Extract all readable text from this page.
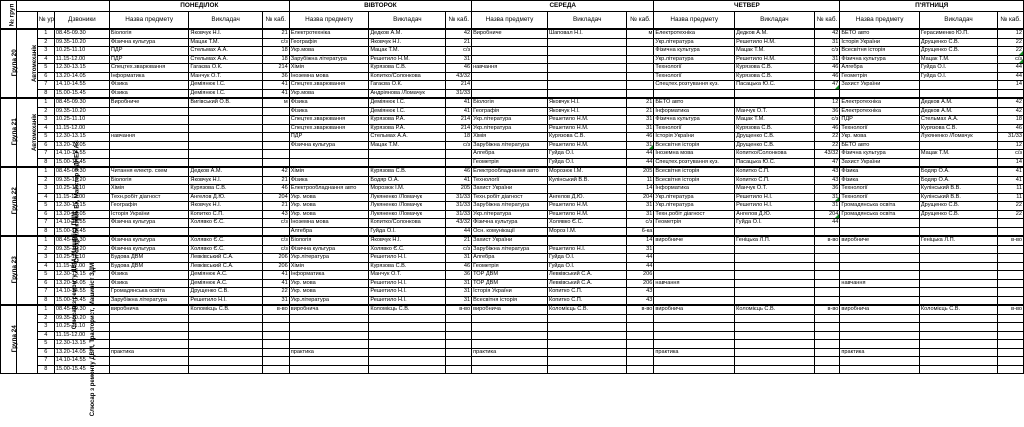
№ груп				ПОНЕДІЛОК			ВІВТОРОК			СЕРЕДА			ЧЕТВЕР			П'ЯТНИЦЯ		
		№ ур	Дзвоники	Назва предмету	Викладач	№ каб.	Назва предмету	Викладач	№ каб.	Назва предмету	Викладач	№ каб.	Назва предмету	Викладач	№ каб.	Назва предмету	Викладач	№ каб.
Група 20	Автомеханік	1	08.45-09.30	Біологія	Яковчук Н.І.	21	Електротехніка	Дедков А.М.	42	Виробниче	Шаповал Н.І.	м	Електротехніка	Дедков А.М.	42	БЕТО авто	Герасименко Ю.П.	12
		2	09.35-10.20	Фізична культура	Мацак Т.М.	с/з	Географія	Яковчук Н.І.	21				Укр.література	Решетило Н.М.	31	Історія України	Друщенко С.В.	22
		3	10.25-11.10	ПДР	Стельмах А.А.	18	Укр.мова	Мацак Т.М.	с/з				Фізична культура	Мацак Т.М.	с/з	Всесвітня історія	Друщенко С.В.	22
		4	11.15-12.00	ПДР	Стельмах А.А.	18	Зарубіжна література	Решетило Н.М.	31				Укр.література	Решетило Н.М.	31	Фізична культура	Мацак Т.М.	с/з
		5	12.30-13.15	Спецтех.зварювання	Гагаєва О.К.	214	Хімія	Курязова С.В.	46	навчання			Технології	Курязова С.В.	46	Алгебра	Гуйда О.І.	44
		6	13.20-14.05	Інформатика	Манчук О.Т.	36	Іноземна мова	Копитко/Солонкова	43/32				Технології	Курязова С.В.	46	Геометрія	Гуйда О.І.	44
		7	14.10-14.55	Фізика	Деміянюк І.С.	41	Спецтех.зварювання	Гагаєва О.К.	214				Спецтех.розтування куз.	Пасацька Ю.С.	47	Захист України		14
		8	15.00-15.45	Фізика	Деміянюк І.С.	41	Укр.мова	Андріянова /Ломачук	31/33									
Група 21	Автомеханік	1	08.45-09.30	Виробниче	Вигівський О.В.	м	Фізика	Деміянюк І.С.	41	Біологія	Яковчук Н.І.	21	БЕТО авто		12	Електротехніка	Дедков А.М.	42
		2	09.35-10.20				Фізика	Деміянюк І.С.	41	Географія	Яковчук Н.І.	21	Інформатика	Манчук О.Т.	36	Електротехніка	Дедков А.М.	42
		3	10.25-11.10				Спецтех.зварювання	Курязова Р.А.	214	Укр.література	Решетило Н.М.	31	Фізична культура	Мацак Т.М.	с/з	ПДР	Стельмах А.А.	18
		4	11.15-12.00				Спецтех.зварювання	Курязова Р.А.	214	Укр.література	Решетило Н.М.	31	Технології	Курязова С.В.	46	Технології	Курязова С.В.	46
		5	12.30-13.15	навчання			ПДР	Стельмах А.А.	18	Хімія	Курязова С.В.	46	Історія України	Друщенко С.В.	22	Укр. мова	Лукяненко /Ломачук	31/33
		6	13.20-14.05				Фізична культура	Мацак Т.М.	с/з	Зарубіжна література	Решетило Н.М.	31	Всесвітня історія	Друщенко С.В.	22	БЕТО авто		12
		7	14.10-14.55							Алгебра	Гуйда О.І.	44	Іноземна мова	Копитко/Солонкова	43/32	Фізична культура	Мацак Т.М.	с/з
		8	15.00-15.45							Геометрія	Гуйда О.І.	44	Спецтех.розтування куз.	Пасацька Ю.С.	47	Захист України		14
Група 22	Слюсар-електрик ЕУ, Майстер з ДНЕУ АЗ	1	08.45-09.30	Читання електр. схем	Дедков А.М.	42	Хімія	Курязова С.В.	46	Електрообладнання авто	Морозюк І.М.	205	Всесвітня історія	Копитко С.П.	43	Фізика	Бодяр О.А.	41
		2	09.35-10.20	Біологія	Яковчук Н.І.	21	Фізика	Бодяр О.А.	41	Технології	Кулінський В.В.	11	Всесвітня історія	Копитко С.П.	43	Фізика	Бодяр О.А.	41
		3	10.25-11.10	Хімія	Курязова С.В.	46	Електрообладнання авто	Морозюк І.М.	205	Захист України		14	Інформатика	Манчук О.Т.	36	Технології	Кулінський В.В.	11
		4	11.15-12.00	Техн.робіт діагност	Ангелов Д.Ю.	204	Укр. мова	Лукяненко /Ломачук	31/33	Техн.робіт діагност	Ангелов Д.Ю.	204	Укр.література	Решетило Н.І.	31	Технології	Кулінський В.В.	11
		5	12.30-13.15	Географія	Яковчук Н.І.	21	Укр. мова	Лукяненко /Ломачук	31/33	Зарубіжна література	Решетило Н.М.	31	Укр.література	Решетило Н.І.	31	Громадянська освіта	Друщенко С.В.	22
		6	13.20-14.05	Історія України	Копитко С.П.	43	Укр. мова	Лукяненко /Ломачук	31/33	Укр.література	Решетило Н.М.	31	Техн.робіт діагност	Ангелов Д.Ю.	204	Громадянська освіта	Друщенко С.В.	22
		7	14.10-14.55	Фізична культура	Холявко Є.С.	с/з	Іноземна мова	Копитко/Солонкова	43/32	Фізична культура	Холявко Є.С.	с/з	Геометрія	Гуйда О.І.	44			
		8	15.00-15.45				Алгебра	Гуйда О.І.	44	Осн. комунікації	Мороз І.М.	6-ка						
Група 23	Слюсар з ремонту ДВМ, Машиніст ПДМ	1	08.45-09.30	Фізична культура	Холявко Є.С.	с/з	Біологія	Яковчук Н.І.	21	Захист України		14	виробниче	Геніцька Л.П.	в-во	виробниче	Геніцька Л.П.	в-во
		2	09.35-10.20	Фізична культура	Холявко Є.С.	с/з	Фізична культура	Холявко Є.С.	с/з	Зарубіжна література	Решетило Н.І.	31						
		3	10.25-11.10	Будова ДВМ	Левківський С.А.	206	Укр.література	Решетило Н.І.	31	Алгебра	Гуйда О.І.	44						
		4	11.15-12.00	Будова ДВМ	Левківський С.А.	206	Хімія	Курязова С.В.	46	Геометрія	Гуйда О.І.	44						
		5	12.30-13.15	Фізика	Деміянюк А.С.	41	Інформатика	Манчук О.Т.	36	ТОР ДВМ	Левківський С.А.	206						
		6	13.20-14.05	Фізика	Деміянюк А.С.	41	Укр. мова	Решетило Н.І.	31	ТОР ДВМ	Левківський С.А.	206	навчання			навчання		
		7	14.10-14.55	Громадянська освіта	Друщенко С.В.	22	Укр. мова	Решетило Н.І.	31	Історія України	Копитко С.П.	43						
		8	15.00-15.45	Зарубіжна література	Решетило Н.І.	31	Укр.література	Решетило Н.І.	31	Всесвітня історія	Копитко С.П.	43						
Група 24	Слюсар з ремонту ДВМ, Тракторист, Машиніст ЗДМ	1	08.45-09.30	виробнича	Коломієць С.В.	в-во	виробнича	Коломієць С.В.	в-во	виробнича	Коломієць С.В.	в-во	виробнича	Коломієць С.В.	в-во	виробнича	Коломієць С.В.	в-во
		2	09.35-10.20															
		3	10.25-11.10															
		4	11.15-12.00															
		5	12.30-13.15															
		6	13.20-14.05	практика			практика			практика			практика			практика		
		7	14.10-14.55															
		8	15.00-15.45															
